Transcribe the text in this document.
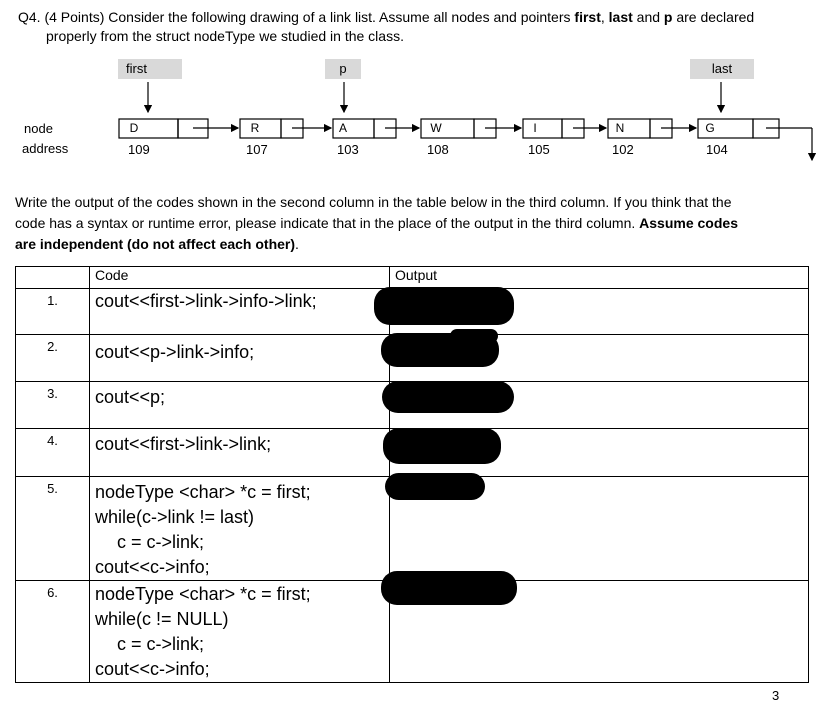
Q4. (4 Points) Consider the following drawing of a link list. Assume all nodes and pointers first, last and p are declared
properly from the struct nodeType we studied in the class.
first	p	last
node
address
D	R	A	W	I	N	G
109	107	103	108	105	102	104
Write the output of the codes shown in the second column in the table below in the third column. If you think that the
code has a syntax or runtime error, please indicate that in the place of the output in the third column. Assume codes
are independent (do not affect each other).
	Code	Output
1.	cout<<first->link->info->link;	

2.	cout<<p->link->info;	

3.	cout<<p;	

4.	cout<<first->link->link;	

5.	nodeType <char> *c = first;
while(c->link != last)
c = c->link;
cout<<c->info;	

6.	nodeType <char> *c = first;
while(c != NULL)
c = c->link;
cout<<c->info;	

3
